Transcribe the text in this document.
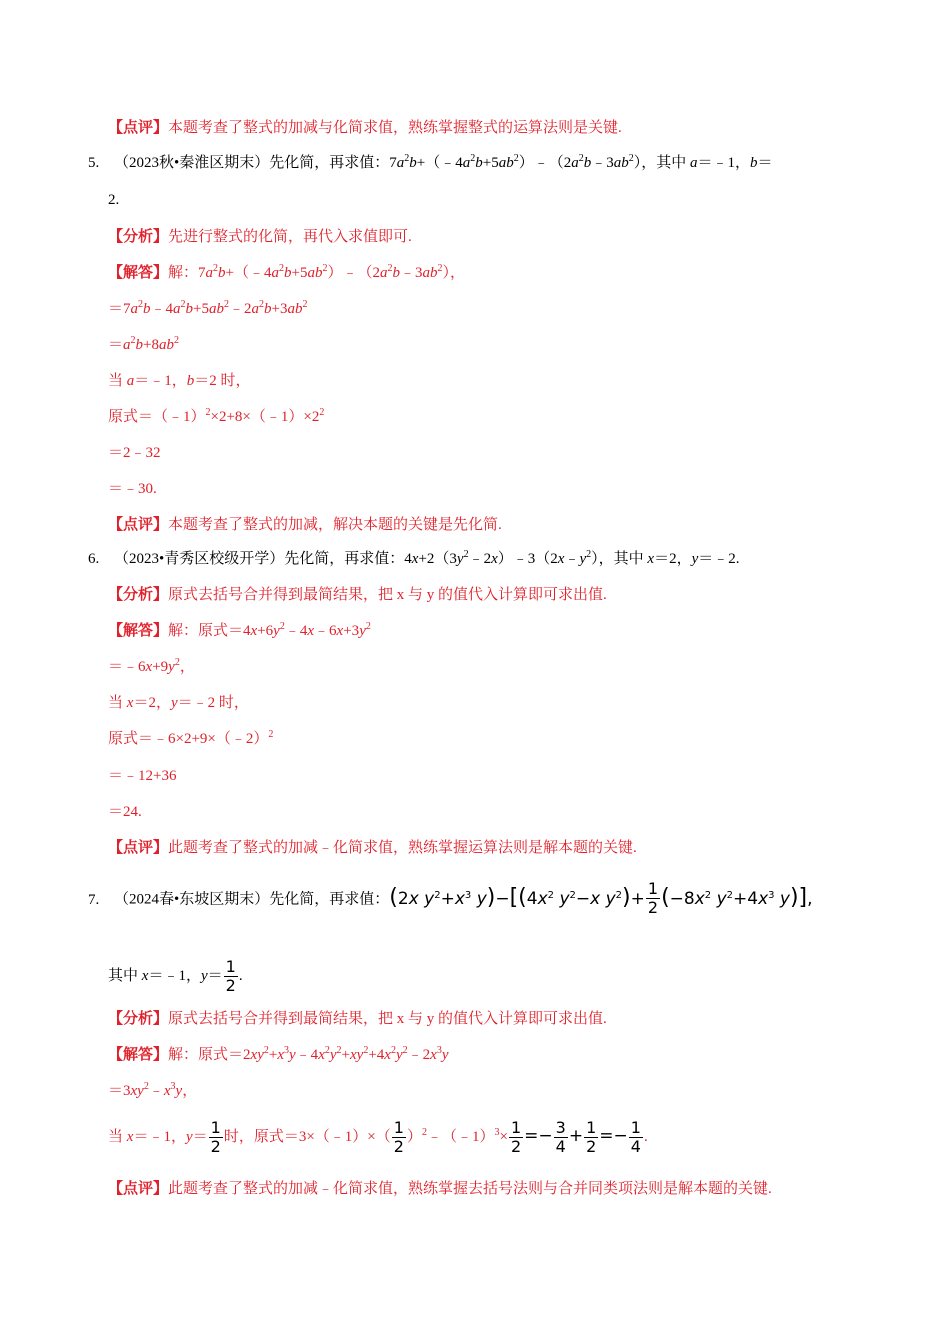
【点评】本题考查了整式的加减与化简求值，熟练掌握整式的运算法则是关键.
5. （2023秋•秦淮区期末）先化简，再求值：$7a^2b+(﹣4a^2b+5ab^2)﹣(2a^2b﹣3ab^2)$，其中 a＝﹣1，b＝
2.
【分析】先进行整式的化简，再代入求值即可.
【解答】解：$7a^2b+(﹣4a^2b+5ab^2)﹣(2a^2b﹣3ab^2)$，
$=7a^2b﹣4a^2b+5ab^2﹣2a^2b+3ab^2$
$=a^2b+8ab^2$
当 a＝﹣1，b＝2 时，
原式$=(﹣1)^2\times 2+8\times(﹣1)\times 2^2$
＝2﹣32
＝﹣30.
【点评】本题考查了整式的加减，解决本题的关键是先化简.
6. （2023•青秀区校级开学）先化简，再求值：$4x+2(3y^2﹣2x)﹣3(2x﹣y^2)$，其中 x＝2，y＝﹣2.
【分析】原式去括号合并得到最简结果，把 x 与 y 的值代入计算即可求出值.
【解答】解：原式$=4x+6y^2﹣4x﹣6x+3y^2$
$=﹣6x+9y^2$，
当 x＝2，y＝﹣2 时，
原式＝﹣6×2+9×（﹣2）$^2$
＝﹣12+36
＝24.
【点评】此题考查了整式的加减﹣化简求值，熟练掌握运算法则是解本题的关键.
7. （2024春•东坡区期末）先化简，再求值：(2x $y^2+x^3$ $y)-[(4x^2$ $y^2-x$ $y^2)+ \frac{1}{2} (-8x^2$ $y^2+4x^3$ y)],
其中 x＝﹣1，$y= \frac{1}{2}$ .
【分析】原式去括号合并得到最简结果，把 x 与 y 的值代入计算即可求出值.
【解答】解：原式$=2xy^2+x^3y﹣4x^2y^2+xy^2+4x^2y^2﹣2x^3y$
$=3xy^2﹣x^3y$，
当 x＝﹣1，$y= \frac{1}{2}$ 时，原式＝3×（﹣1）×（ $\frac{1}{2}$ ）$^2$﹣（﹣1）$^3$× $\frac{1}{2} =- \frac{3}{4} + \frac{1}{2} =- \frac{1}{4}$ .
【点评】此题考查了整式的加减﹣化简求值，熟练掌握去括号法则与合并同类项法则是解本题的关键.
